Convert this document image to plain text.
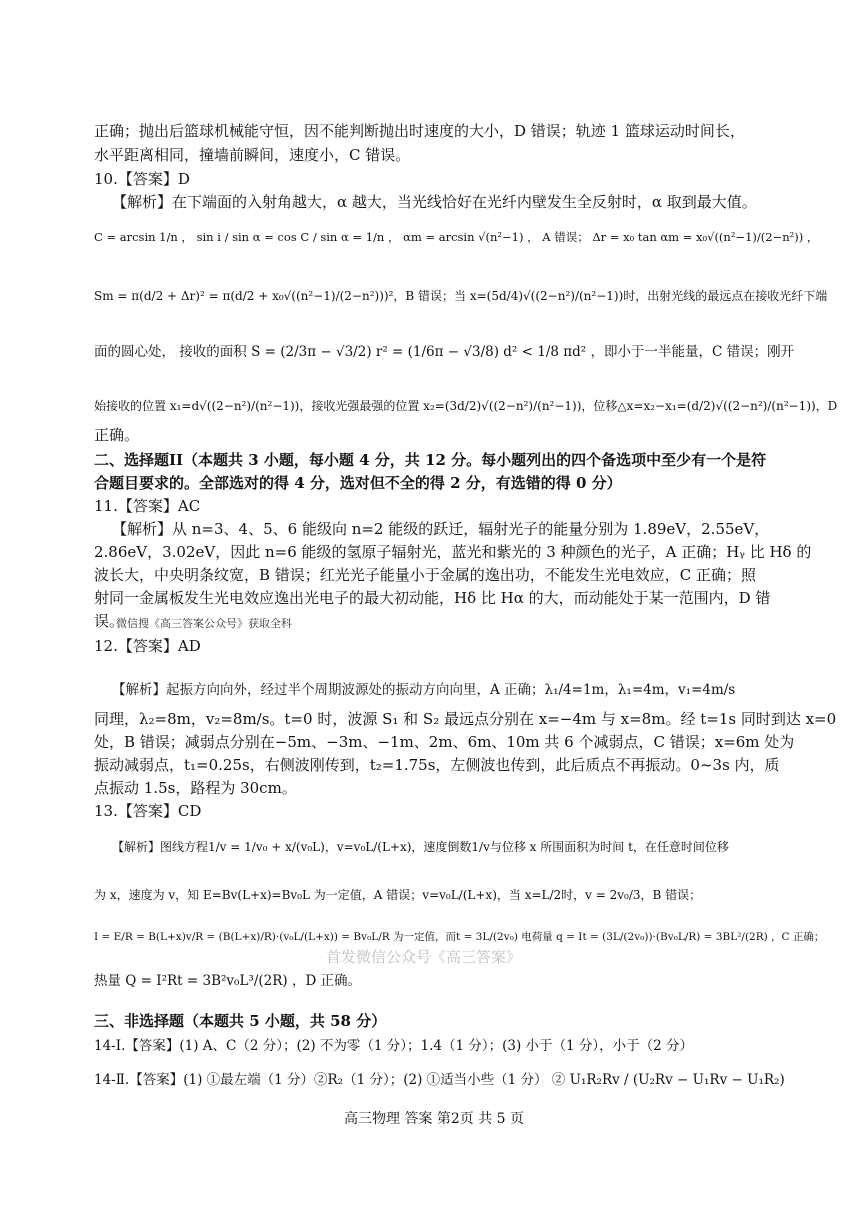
正确；抛出后篮球机械能守恒，因不能判断抛出时速度的大小，D 错误；轨迹 1 篮球运动时间长，
水平距离相同，撞墙前瞬间，速度小，C 错误。
10.【答案】D
【解析】在下端面的入射角越大，α 越大，当光线恰好在光纤内壁发生全反射时，α 取到最大值。
C = arcsin 1/n ， sin i / sin α = cos C / sin α = 1/n ， αm = arcsin √(n²−1) ， A 错误； Δr = x₀ tan αm = x₀√((n²−1)/(2−n²)) ，
Sm = π(d/2 + Δr)² = π(d/2 + x₀√((n²−1)/(2−n²)))²，B 错误；当 x=(5d/4)√((2−n²)/(n²−1))时，出射光线的最远点在接收光纤下端
面的圆心处， 接收的面积 S = (2/3π − √3/2) r² = (1/6π − √3/8) d² < 1/8 πd² ，即小于一半能量，C 错误；刚开
始接收的位置 x₁=d√((2−n²)/(n²−1))，接收光强最强的位置 x₂=(3d/2)√((2−n²)/(n²−1))，位移△x=x₂−x₁=(d/2)√((2−n²)/(n²−1))，D
正确。
二、选择题II（本题共 3 小题，每小题 4 分，共 12 分。每小题列出的四个备选项中至少有一个是符
合题目要求的。全部选对的得 4 分，选对但不全的得 2 分，有选错的得 0 分）
11.【答案】AC
【解析】从 n=3、4、5、6 能级向 n=2 能级的跃迁，辐射光子的能量分别为 1.89eV，2.55eV，
2.86eV，3.02eV，因此 n=6 能级的氢原子辐射光，蓝光和紫光的 3 种颜色的光子，A 正确；Hᵧ 比 Hδ 的
波长大，中央明条纹宽，B 错误；红光光子能量小于金属的逸出功，不能发生光电效应，C 正确；照
射同一金属板发生光电效应逸出光电子的最大初动能，Hδ 比 Hα 的大，而动能处于某一范围内，D 错
误。
微信搜《高三答案公众号》获取全科
12.【答案】AD
【解析】起振方向向外，经过半个周期波源处的振动方向向里，A 正确；λ₁/4=1m，λ₁=4m，v₁=4m/s
同理，λ₂=8m，v₂=8m/s。t=0 时，波源 S₁ 和 S₂ 最远点分别在 x=−4m 与 x=8m。经 t=1s 同时到达 x=0
处，B 错误；减弱点分别在−5m、−3m、−1m、2m、6m、10m 共 6 个减弱点，C 错误；x=6m 处为
振动减弱点，t₁=0.25s，右侧波刚传到，t₂=1.75s，左侧波也传到，此后质点不再振动。0~3s 内，质
点振动 1.5s，路程为 30cm。
13.【答案】CD
【解析】图线方程1/v = 1/v₀ + x/(v₀L)，v=v₀L/(L+x)，速度倒数1/v与位移 x 所围面积为时间 t，在任意时间位移
为 x，速度为 v，知 E=Bv(L+x)=Bv₀L 为一定值，A 错误；v=v₀L/(L+x)，当 x=L/2时，v = 2v₀/3，B 错误；
I = E/R = B(L+x)v/R = (B(L+x)/R)·(v₀L/(L+x)) = Bv₀L/R 为一定值，而t = 3L/(2v₀) 电荷量 q = It = (3L/(2v₀))·(Bv₀L/R) = 3BL²/(2R) ，C 正确；
首发微信公众号《高三答案》
热量 Q = I²Rt = 3B²v₀L³/(2R) ，D 正确。
三、非选择题（本题共 5 小题，共 58 分）
14-Ⅰ.【答案】(1) A、C（2 分）；(2) 不为零（1 分）；1.4（1 分）；(3) 小于（1 分），小于（2 分）
14-Ⅱ.【答案】(1) ①最左端（1 分）②R₂（1 分）；(2) ①适当小些（1 分） ② U₁R₂Rv / (U₂Rv − U₁Rv − U₁R₂)
高三物理 答案 第2页 共 5 页
